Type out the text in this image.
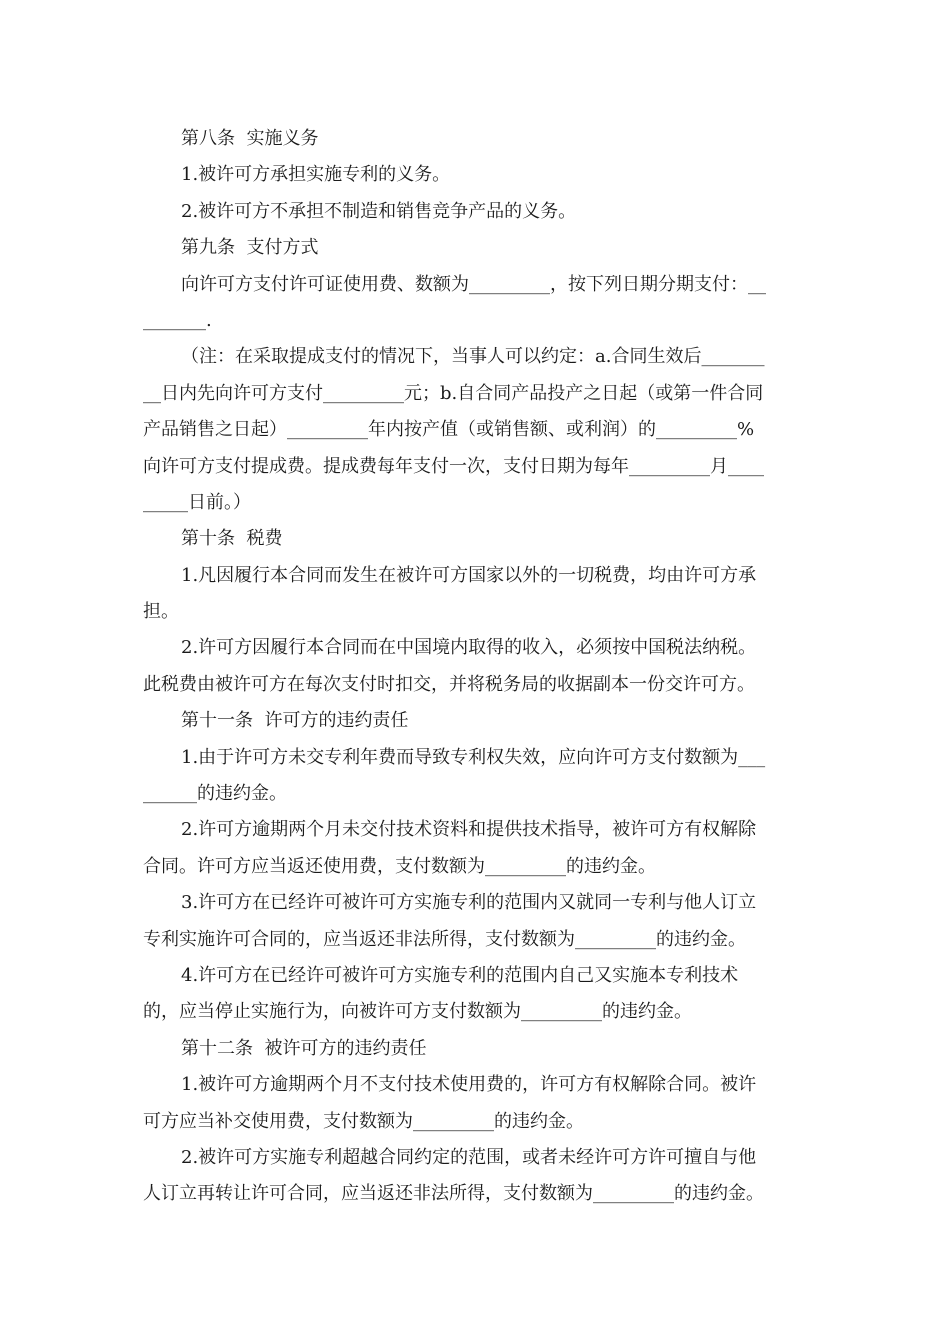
第八条  实施义务
1.被许可方承担实施专利的义务。
2.被许可方不承担不制造和销售竞争产品的义务。
第九条  支付方式
向许可方支付许可证使用费、数额为_________，按下列日期分期支付：__
_______.
（注：在采取提成支付的情况下，当事人可以约定：a.合同生效后_______
__日内先向许可方支付_________元；b.自合同产品投产之日起（或第一件合同
产品销售之日起）_________年内按产值（或销售额、或利润）的_________%
向许可方支付提成费。提成费每年支付一次，支付日期为每年_________月____
_____日前。）
第十条  税费
1.凡因履行本合同而发生在被许可方国家以外的一切税费，均由许可方承
担。
2.许可方因履行本合同而在中国境内取得的收入，必须按中国税法纳税。
此税费由被许可方在每次支付时扣交，并将税务局的收据副本一份交许可方。
第十一条  许可方的违约责任
1.由于许可方未交专利年费而导致专利权失效，应向许可方支付数额为___
______的违约金。
2.许可方逾期两个月未交付技术资料和提供技术指导，被许可方有权解除
合同。许可方应当返还使用费，支付数额为_________的违约金。
3.许可方在已经许可被许可方实施专利的范围内又就同一专利与他人订立
专利实施许可合同的，应当返还非法所得，支付数额为_________的违约金。
4.许可方在已经许可被许可方实施专利的范围内自己又实施本专利技术
的，应当停止实施行为，向被许可方支付数额为_________的违约金。
第十二条  被许可方的违约责任
1.被许可方逾期两个月不支付技术使用费的，许可方有权解除合同。被许
可方应当补交使用费，支付数额为_________的违约金。
2.被许可方实施专利超越合同约定的范围，或者未经许可方许可擅自与他
人订立再转让许可合同，应当返还非法所得，支付数额为_________的违约金。
